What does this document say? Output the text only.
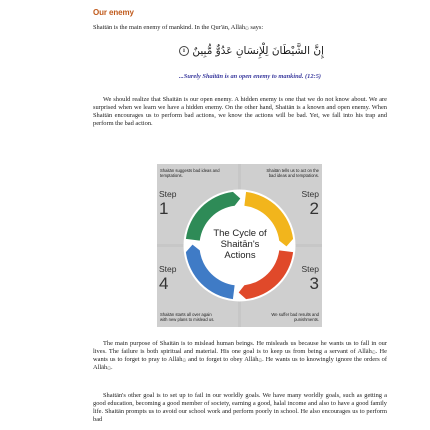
Our enemy

Shaitān is the main enemy of mankind. In the Qur'ān, Allāh۞ says:

إِنَّ الشَّيْطَانَ لِلْإِنسَانِ عَدُوٌّ مُّبِينٌ ٥
...Surely Shaitān is an open enemy to mankind. (12:5)

We should realize that Shaitān is our open enemy. A hidden enemy is one that we do not know about. We are surprised when we learn we have a hidden enemy. On the other hand, Shaitān is a known and open enemy. When Shaitān encourages us to perform bad actions, we know the actions will be bad. Yet, we fall into his trap and perform the bad action.

Shaitān suggests bad ideas and temptations.
Step
1
Shaitān tells us to act on the bad ideas and temptations.
Step
2
Step
4
Shaitān starts all over again with new plans to mislead us.
Step
3
We suffer bad results and punishments.
The Cycle of Shaitān's Actions

The main purpose of Shaitān is to mislead human beings. He misleads us because he wants us to fall in our lives. The failure is both spiritual and material. His one goal is to keep us from being a servant of Allāh۞. He wants us to forget to pray to Allāh۞ and to forget to obey Allāh۞. He wants us to knowingly ignore the orders of Allāh۞.

Shaitān's other goal is to set up to fail in our worldly goals. We have many worldly goals, such as getting a good education, becoming a good member of society, earning a good, halal income and also to have a good family life. Shaitān prompts us to avoid our school work and perform poorly in school. He also encourages us to perform bad
